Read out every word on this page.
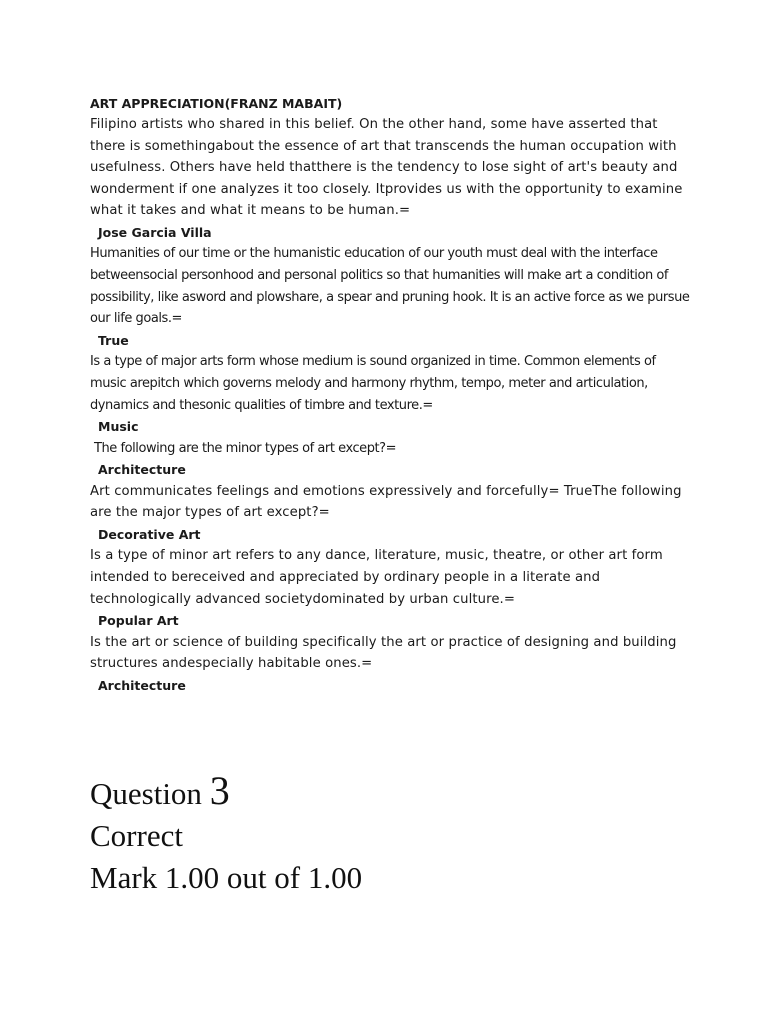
ART APPRECIATION(FRANZ MABAIT)

Filipino artists who shared in this belief. On the other hand, some have asserted that there is somethingabout the essence of art that transcends the human occupation with usefulness. Others have held thatthere is the tendency to lose sight of art's beauty and wonderment if one analyzes it too closely. Itprovides us with the opportunity to examine what it takes and what it means to be human.=

Jose Garcia Villa

Humanities of our time or the humanistic education of our youth must deal with the interface betweensocial personhood and personal politics so that humanities will make art a condition of possibility, like asword and plowshare, a spear and pruning hook. It is an active force as we pursue our life goals.=

True

Is a type of major arts form whose medium is sound organized in time. Common elements of music arepitch which governs melody and harmony rhythm, tempo, meter and articulation, dynamics and thesonic qualities of timbre and texture.=

Music

The following are the minor types of art except?=

Architecture

Art communicates feelings and emotions expressively and forcefully= TrueThe following are the major types of art except?=

Decorative Art

Is a type of minor art refers to any dance, literature, music, theatre, or other art form intended to bereceived and appreciated by ordinary people in a literate and technologically advanced societydominated by urban culture.=

Popular Art

Is the art or science of building specifically the art or practice of designing and building structures andespecially habitable ones.=

Architecture

Question 3

Correct

Mark 1.00 out of 1.00
